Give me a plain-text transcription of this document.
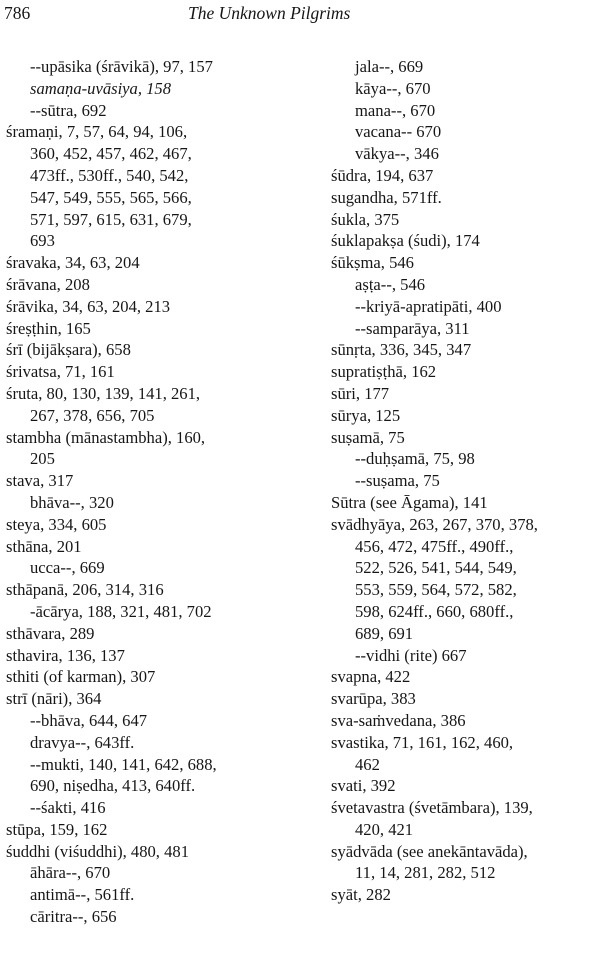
786	The Unknown Pilgrims
--upāsika (śrāvikā), 97, 157
samaṇa-uvāsiya, 158
--sūtra, 692
śramaṇi, 7, 57, 64, 94, 106,
360, 452, 457, 462, 467,
473ff., 530ff., 540, 542,
547, 549, 555, 565, 566,
571, 597, 615, 631, 679,
693
śravaka, 34, 63, 204
śrāvana, 208
śrāvika, 34, 63, 204, 213
śreṣṭhin, 165
śrī (bijākṣara), 658
śrivatsa, 71, 161
śruta, 80, 130, 139, 141, 261,
267, 378, 656, 705
stambha (mānastambha), 160,
205
stava, 317
bhāva--, 320
steya, 334, 605
sthāna, 201
ucca--, 669
sthāpanā, 206, 314, 316
-ācārya, 188, 321, 481, 702
sthāvara, 289
sthavira, 136, 137
sthiti (of karman), 307
strī (nāri), 364
--bhāva, 644, 647
dravya--, 643ff.
--mukti, 140, 141, 642, 688,
690, niṣedha, 413, 640ff.
--śakti, 416
stūpa, 159, 162
śuddhi (viśuddhi), 480, 481
āhāra--, 670
antimā--, 561ff.
cāritra--, 656
jala--, 669
kāya--, 670
mana--, 670
vacana-- 670
vākya--, 346
śūdra, 194, 637
sugandha, 571ff.
śukla, 375
śuklapakṣa (śudi), 174
śūkṣma, 546
aṣṭa--, 546
--kriyā-apratipāti, 400
--samparāya, 311
sūnṛta, 336, 345, 347
supratiṣṭhā, 162
sūri, 177
sūrya, 125
suṣamā, 75
--duḥṣamā, 75, 98
--suṣama, 75
Sūtra (see Āgama), 141
svādhyāya, 263, 267, 370, 378,
456, 472, 475ff., 490ff.,
522, 526, 541, 544, 549,
553, 559, 564, 572, 582,
598, 624ff., 660, 680ff.,
689, 691
--vidhi (rite) 667
svapna, 422
svarūpa, 383
sva-saṁvedana, 386
svastika, 71, 161, 162, 460,
462
svati, 392
śvetavastra (śvetāmbara), 139,
420, 421
syādvāda (see anekāntavāda),
11, 14, 281, 282, 512
syāt, 282
